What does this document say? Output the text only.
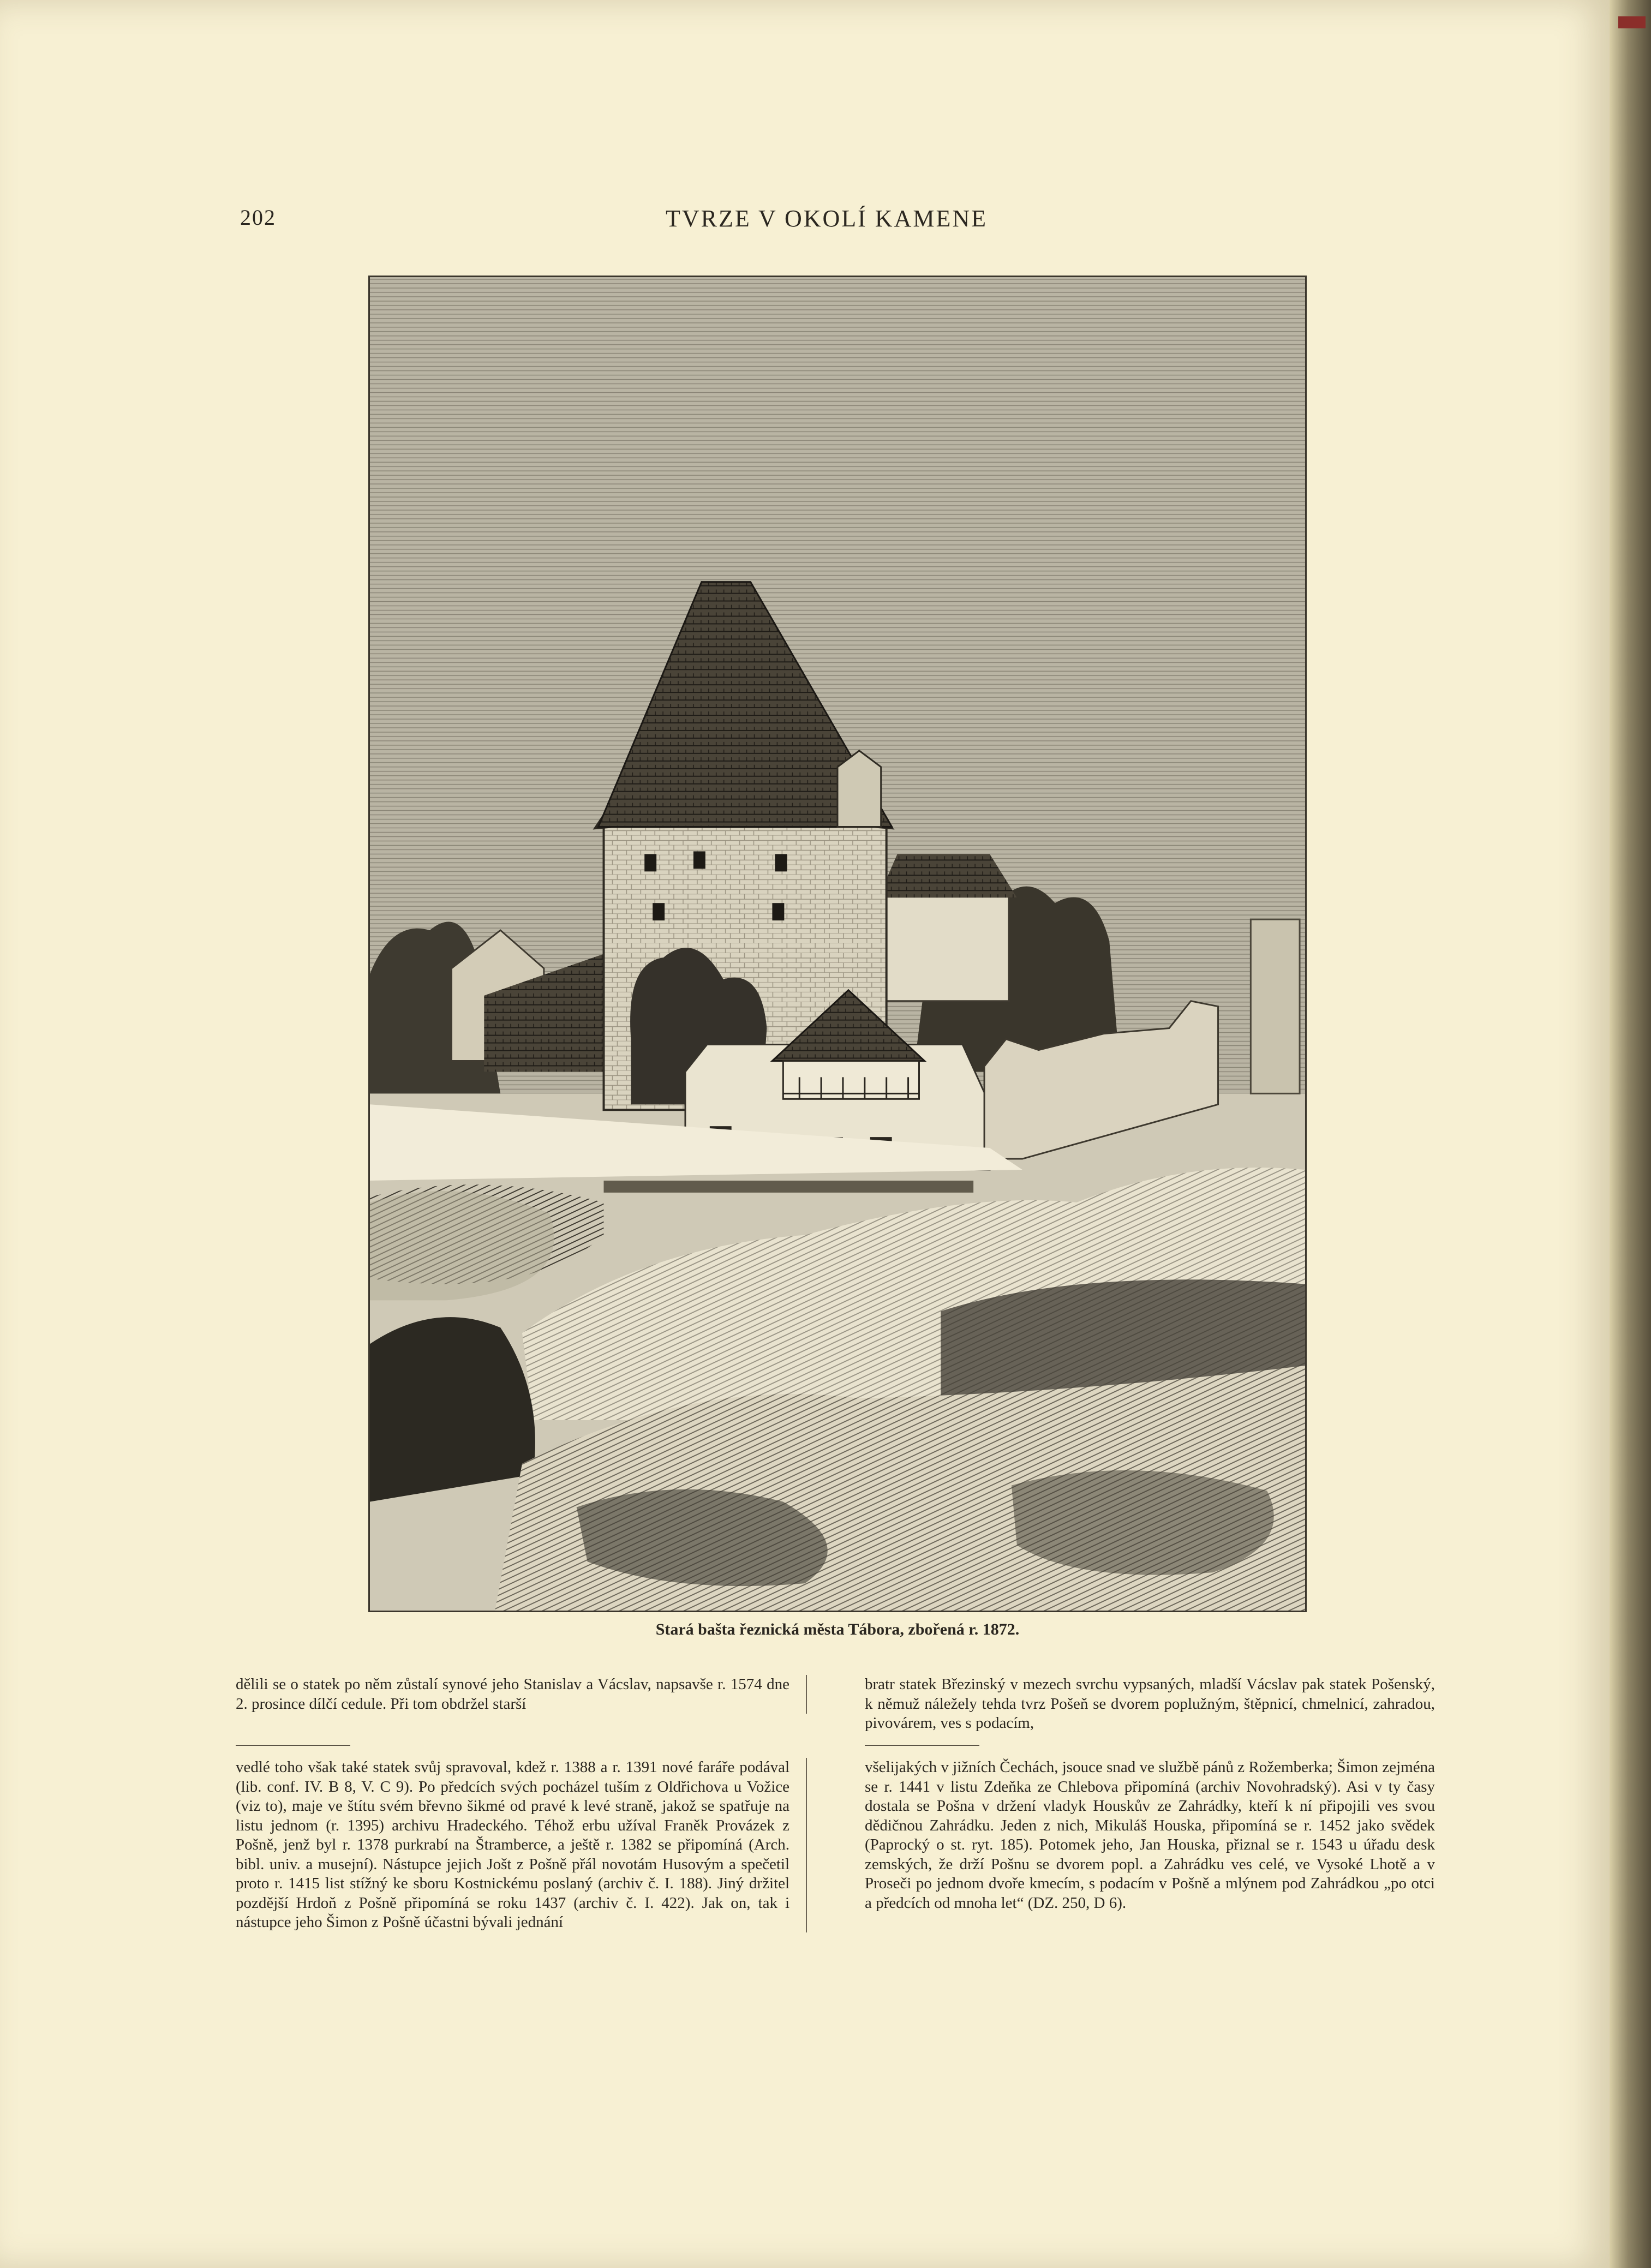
202	TVRZE V OKOLÍ KAMENE
Stará bašta řeznická města Tábora, zbořená r. 1872.

dělili se o statek po něm zůstalí synové jeho Stanislav a Vácslav, napsavše r. 1574 dne 2. prosince dílčí cedule. Při tom obdržel starší

bratr statek Březinský v mezech svrchu vypsaných, mladší Vácslav pak statek Pošenský, k němuž náležely tehda tvrz Pošeň se dvorem poplužným, štěpnicí, chmelnicí, zahradou, pivovárem, ves s podacím,

vedlé toho však také statek svůj spravoval, kdež r. 1388 a r. 1391 nové faráře podával (lib. conf. IV. B 8, V. C 9). Po předcích svých pocházel tuším z Oldřichova u Vožice (viz to), maje ve štítu svém břevno šikmé od pravé k levé straně, jakož se spatřuje na listu jednom (r. 1395) archivu Hradeckého. Téhož erbu užíval Franěk Provázek z Pošně, jenž byl r. 1378 purkrabí na Štramberce, a ještě r. 1382 se připomíná (Arch. bibl. univ. a musejní). Nástupce jejich Jošt z Pošně přál novotám Husovým a spečetil proto r. 1415 list stížný ke sboru Kostnickému poslaný (archiv č. I. 188). Jiný držitel pozdější Hrdoň z Pošně připomíná se roku 1437 (archiv č. I. 422). Jak on, tak i nástupce jeho Šimon z Pošně účastni bývali jednání

všelijakých v jižních Čechách, jsouce snad ve službě pánů z Rožemberka; Šimon zejména se r. 1441 v listu Zdeňka ze Chlebova připomíná (archiv Novohradský). Asi v ty časy dostala se Pošna v držení vladyk Houskův ze Zahrádky, kteří k ní připojili ves svou dědičnou Zahrádku. Jeden z nich, Mikuláš Houska, připomíná se r. 1452 jako svědek (Paprocký o st. ryt. 185). Potomek jeho, Jan Houska, přiznal se r. 1543 u úřadu desk zemských, že drží Pošnu se dvorem popl. a Zahrádku ves celé, ve Vysoké Lhotě a v Proseči po jednom dvoře kmecím, s podacím v Pošně a mlýnem pod Zahrádkou „po otci a předcích od mnoha let“ (DZ. 250, D 6).
